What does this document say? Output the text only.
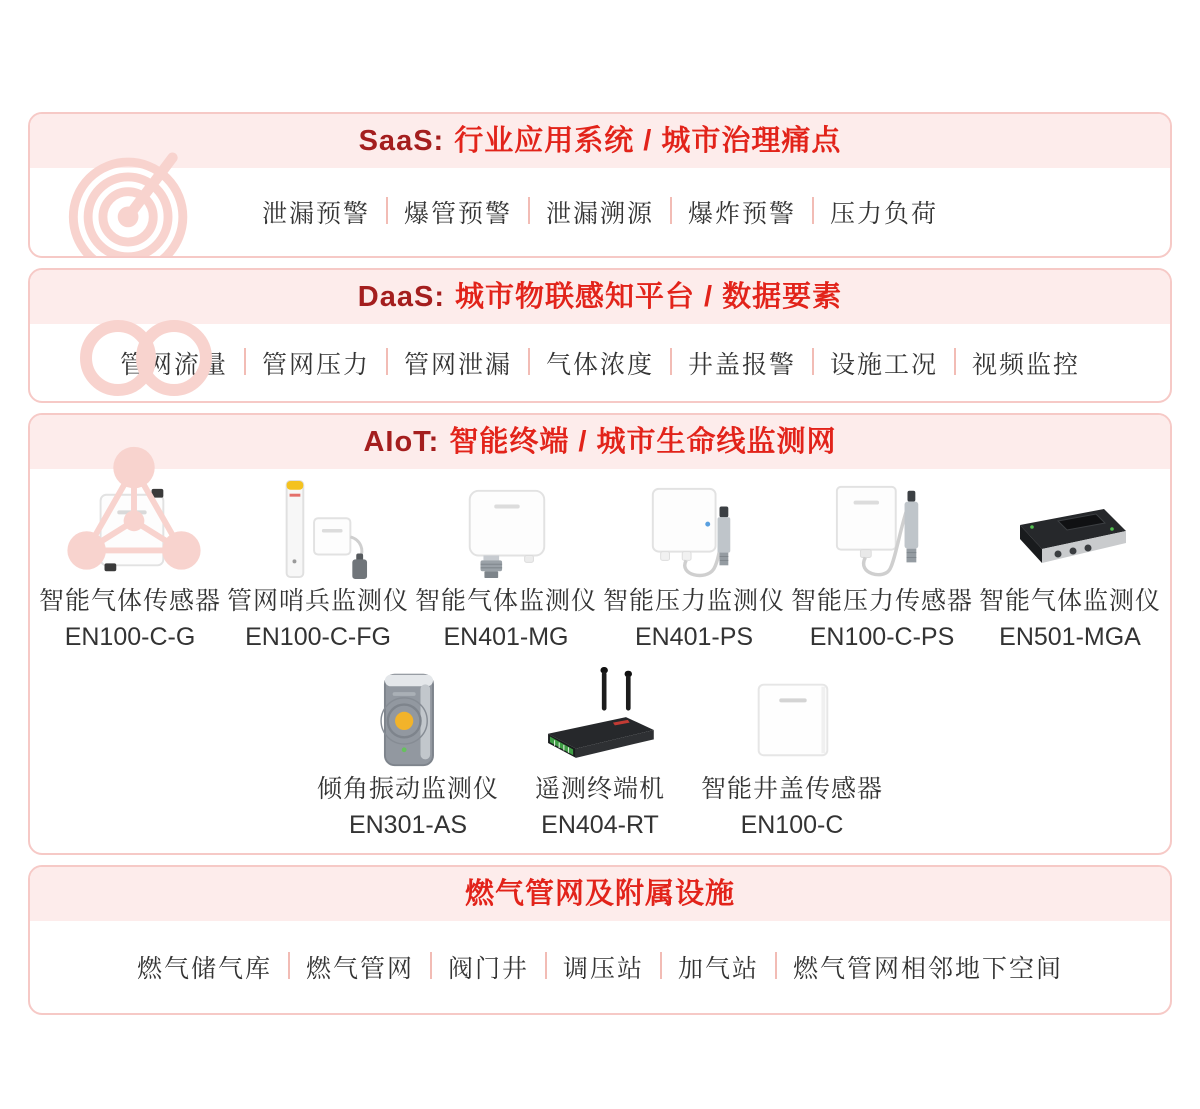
SaaS: 行业应用系统 / 城市治理痛点
泄漏预警	爆管预警	泄漏溯源	爆炸预警	压力负荷
DaaS: 城市物联感知平台 / 数据要素
管网流量	管网压力	管网泄漏	气体浓度	井盖报警	设施工况	视频监控
AIoT: 智能终端 / 城市生命线监测网
智能气体传感器
EN100-C-G
管网哨兵监测仪
EN100-C-FG
智能气体监测仪
EN401-MG
智能压力监测仪
EN401-PS
智能压力传感器
EN100-C-PS
智能气体监测仪
EN501-MGA
倾角振动监测仪
EN301-AS
遥测终端机
EN404-RT
智能井盖传感器
EN100-C
燃气管网及附属设施
燃气储气库	燃气管网	阀门井	调压站	加气站	燃气管网相邻地下空间
